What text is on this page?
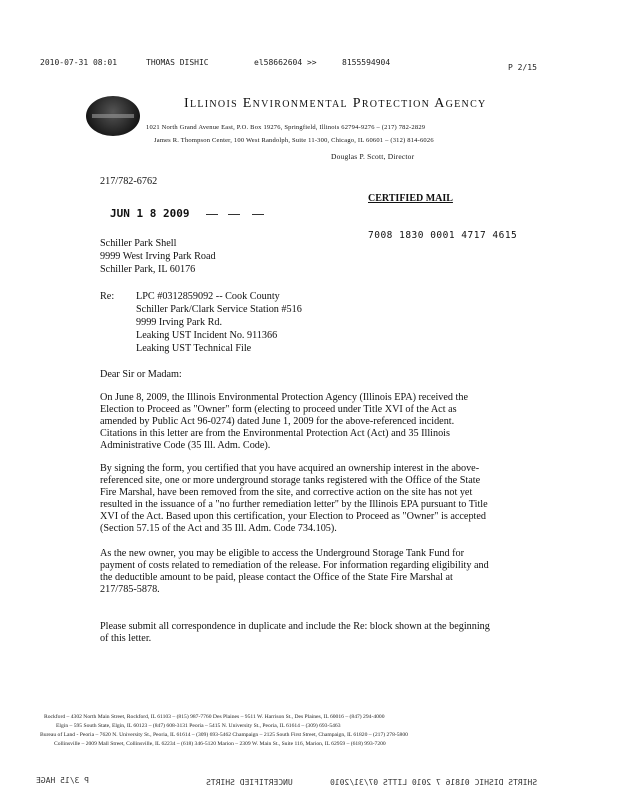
2010-07-31 08:01	THOMAS DISHIC	el58662604 >>	8155594904
P 2/15
Illinois Environmental Protection Agency
1021 North Grand Avenue East, P.O. Box 19276, Springfield, Illinois 62794-9276 – (217) 782-2829
James R. Thompson Center, 100 West Randolph, Suite 11-300, Chicago, IL 60601 – (312) 814-6026
Douglas P. Scott, Director
217/782-6762
CERTIFIED MAIL
JUN 1 8 2009
7008 1830 0001 4717 4615
Schiller Park Shell
9999 West Irving Park Road
Schiller Park, IL 60176
Re: LPC #0312859092 -- Cook County
Schiller Park/Clark Service Station #516
9999 Irving Park Rd.
Leaking UST Incident No. 911366
Leaking UST Technical File
Dear Sir or Madam:
On June 8, 2009, the Illinois Environmental Protection Agency (Illinois EPA) received the Election to Proceed as "Owner" form (electing to proceed under Title XVI of the Act as amended by Public Act 96-0274) dated June 1, 2009 for the above-referenced incident. Citations in this letter are from the Environmental Protection Act (Act) and 35 Illinois Administrative Code (35 Ill. Adm. Code).
By signing the form, you certified that you have acquired an ownership interest in the above-referenced site, one or more underground storage tanks registered with the Office of the State Fire Marshal, have been removed from the site, and corrective action on the site has not yet resulted in the issuance of a "no further remediation letter" by the Illinois EPA pursuant to Title XVI of the Act. Based upon this certification, your Election to Proceed as "Owner" is accepted (Section 57.15 of the Act and 35 Ill. Adm. Code 734.105).
As the new owner, you may be eligible to access the Underground Storage Tank Fund for payment of costs related to remediation of the release. For information regarding eligibility and the deductible amount to be paid, please contact the Office of the State Fire Marshal at 217/785-5878.
Please submit all correspondence in duplicate and include the Re: block shown at the beginning of this letter.
Rockford – 4302 North Main Street, Rockford, IL 61103 – (815) 987-7760 Des Plaines – 9511 W. Harrison St., Des Plaines, IL 60016 – (847) 294-4000
Elgin – 595 South State, Elgin, IL 60123 – (847) 608-3131 Peoria – 5415 N. University St., Peoria, IL 61614 – (309) 693-5463
Bureau of Land - Peoria – 7620 N. University St., Peoria, IL 61614 – (309) 693-5462 Champaign – 2125 South First Street, Champaign, IL 61820 – (217) 278-5800
Collinsville – 2009 Mall Street, Collinsville, IL 62234 – (618) 346-5120 Marion – 2309 W. Main St., Suite 116, Marion, IL 62959 – (618) 993-7200
P 3/15 HAGE	UNCERTIFIED SHIRTS	SHIRTS DISHIC 01816 7 2010 LITTS 07/31/2010
